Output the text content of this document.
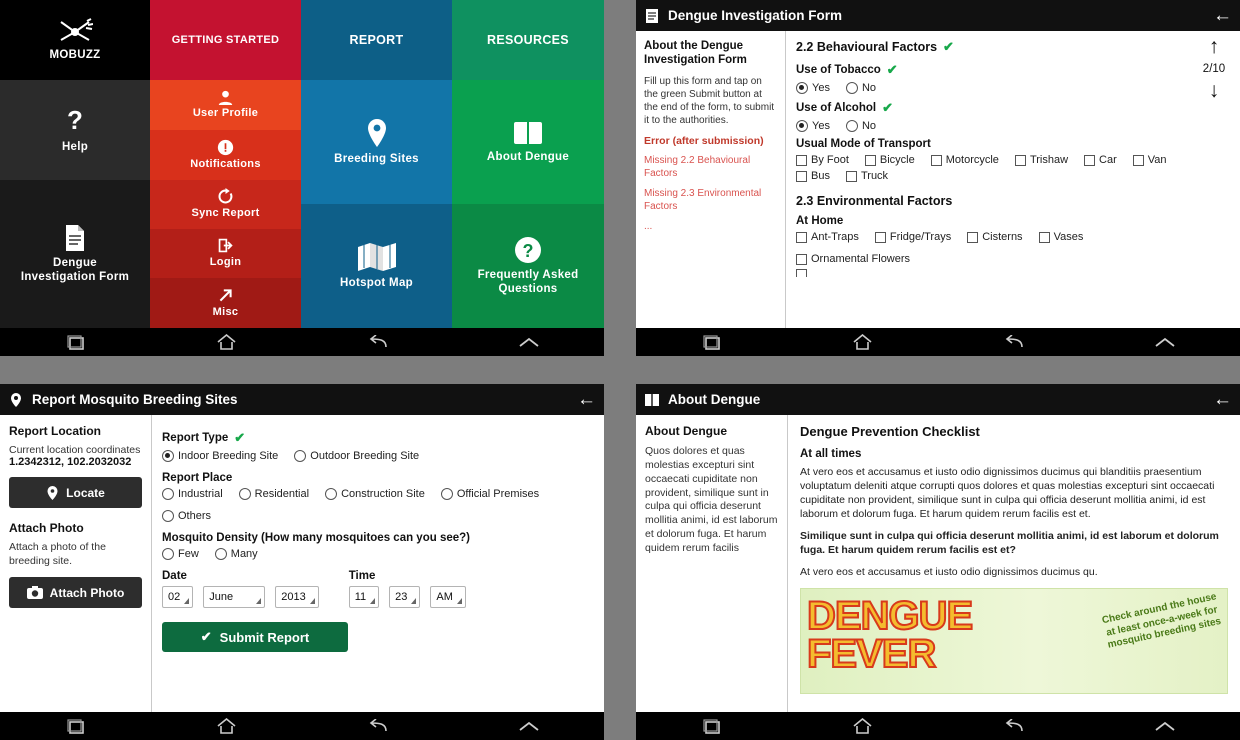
MOBUZZ
?
Help
Dengue Investigation Form
GETTING STARTED
User Profile
Notifications
Sync Report
Login
Misc
REPORT
Breeding Sites
Hotspot Map
RESOURCES
About Dengue
?
Frequently Asked Questions
Dengue Investigation Form	←
About the Dengue Investigation Form

Fill up this form and tap on the green Submit button at the end of the form, to submit it to the authorities.

Error (after submission)
Missing 2.2 Behavioural Factors
Missing 2.3 Environmental Factors
...
↑
2/10
↓
2.2 Behavioural Factors ✔
Use of Tobacco ✔
Yes	No
Use of Alcohol ✔
Yes	No
Usual Mode of Transport
By Foot	Bicycle	Motorcycle	Trishaw	Car	Van
Bus	Truck
2.3 Environmental Factors
At Home
Ant-Traps	Fridge/Trays	Cisterns	Vases
Ornamental Flowers
Report Mosquito Breeding Sites	←
Report Location
Current location coordinates
1.2342312, 102.2032032
Locate
Attach Photo

Attach a photo of the breeding site.

Attach Photo
Report Type ✔
Indoor Breeding Site	Outdoor Breeding Site
Report Place
Industrial	Residential	Construction Site	Official Premises
Others
Mosquito Density (How many mosquitoes can you see?)
Few	Many
Date
02	June	2013
Time
11	23	AM
✔ Submit Report
About Dengue	←
About Dengue

Quos dolores et quas molestias excepturi sint occaecati cupiditate non provident, similique sunt in culpa qui officia deserunt mollitia animi, id est laborum et dolorum fuga. Et harum quidem rerum facilis

Dengue Prevention Checklist
At all times

At vero eos et accusamus et iusto odio dignissimos ducimus qui blanditiis praesentium voluptatum deleniti atque corrupti quos dolores et quas molestias excepturi sint occaecati cupiditate non provident, similique sunt in culpa qui officia deserunt mollitia animi, id est laborum et dolorum fuga. Et harum quidem rerum facilis est et.

Similique sunt in culpa qui officia deserunt mollitia animi, id est laborum et dolorum fuga. Et harum quidem rerum facilis est et?

At vero eos et accusamus et iusto odio dignissimos ducimus qu.

DENGUE
FEVER
Check around the house at least once-a-week for mosquito breeding sites
